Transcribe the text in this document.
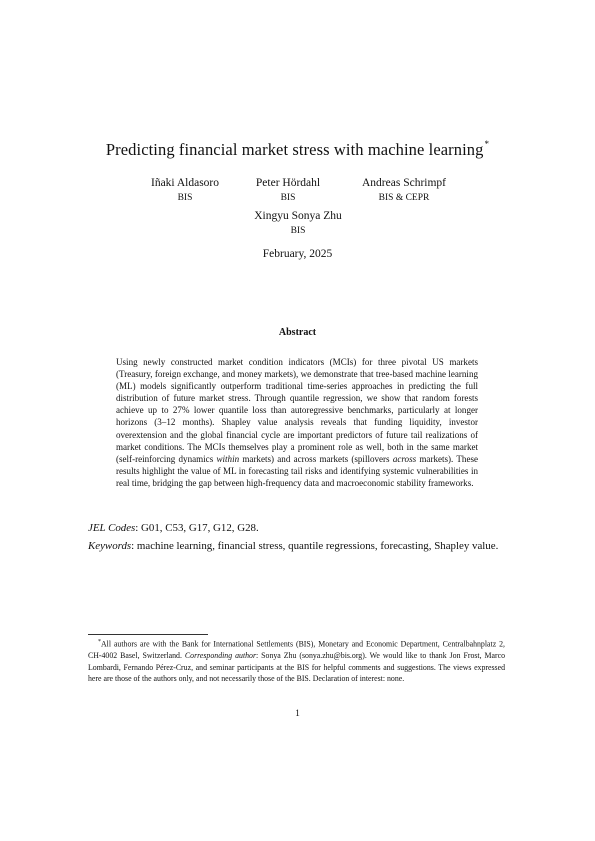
Predicting financial market stress with machine learning*
Iñaki Aldasoro
BIS
Peter Hördahl
BIS
Andreas Schrimpf
BIS & CEPR
Xingyu Sonya Zhu
BIS
February, 2025
Abstract

Using newly constructed market condition indicators (MCIs) for three pivotal US markets (Treasury, foreign exchange, and money markets), we demonstrate that tree-based machine learning (ML) models significantly outperform traditional time-series approaches in predicting the full distribution of future market stress. Through quantile regression, we show that random forests achieve up to 27% lower quantile loss than autoregressive benchmarks, particularly at longer horizons (3–12 months). Shapley value analysis reveals that funding liquidity, investor overextension and the global financial cycle are important predictors of future tail realizations of market conditions. The MCIs themselves play a prominent role as well, both in the same market (self-reinforcing dynamics within markets) and across markets (spillovers across markets). These results highlight the value of ML in forecasting tail risks and identifying systemic vulnerabilities in real time, bridging the gap between high-frequency data and macroeconomic stability frameworks.

JEL Codes: G01, C53, G17, G12, G28.
Keywords: machine learning, financial stress, quantile regressions, forecasting, Shapley value.

*All authors are with the Bank for International Settlements (BIS), Monetary and Economic Department, Centralbahnplatz 2, CH-4002 Basel, Switzerland. Corresponding author: Sonya Zhu (sonya.zhu@bis.org). We would like to thank Jon Frost, Marco Lombardi, Fernando Pérez-Cruz, and seminar participants at the BIS for helpful comments and suggestions. The views expressed here are those of the authors only, and not necessarily those of the BIS. Declaration of interest: none.

1
